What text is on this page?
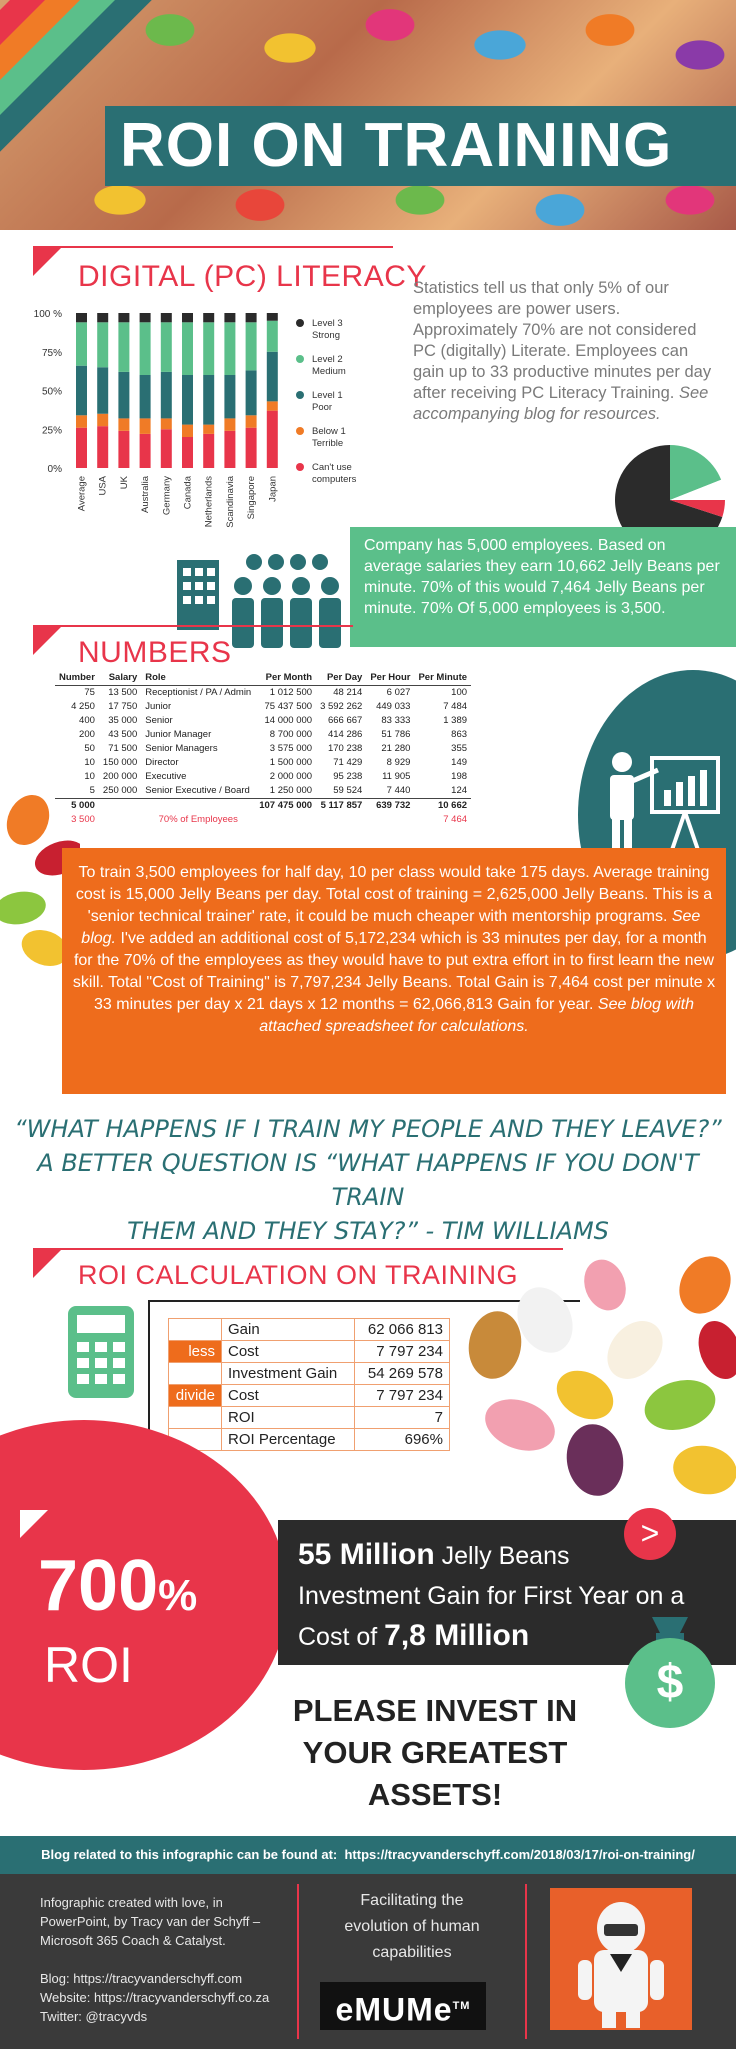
ROI ON TRAINING
DIGITAL (PC) LITERACY
0%
25%
50%
75%
100 %
Average USA UK Australia Germany Canada Netherlands Scandinavia Singapore Japan
Level 3 Strong
Level 2 Medium
Level 1 Poor
Below 1 Terrible
Can't use computers
Statistics tell us that only 5% of our employees are power users. Approximately 70% are not considered PC (digitally) Literate. Employees can gain up to 33 productive minutes per day after receiving PC Literacy Training. See accompanying blog for resources.
Company has 5,000 employees. Based on average salaries they earn 10,662 Jelly Beans per minute. 70% of this would 7,464 Jelly Beans per minute. 70% Of 5,000 employees is 3,500.
NUMBERS
Number	Salary	Role	Per Month	Per Day	Per Hour	Per Minute
75	13 500	Receptionist / PA / Admin	1 012 500	48 214	6 027	100
4 250	17 750	Junior	75 437 500	3 592 262	449 033	7 484
400	35 000	Senior	14 000 000	666 667	83 333	1 389
200	43 500	Junior Manager	8 700 000	414 286	51 786	863
50	71 500	Senior Managers	3 575 000	170 238	21 280	355
10	150 000	Director	1 500 000	71 429	8 929	149
10	200 000	Executive	2 000 000	95 238	11 905	198
5	250 000	Senior Executive / Board	1 250 000	59 524	7 440	124
5 000			107 475 000	5 117 857	639 732	10 662
3 500		70% of Employees				7 464
To train 3,500 employees for half day, 10 per class would take 175 days. Average training cost is 15,000 Jelly Beans per day. Total cost of training = 2,625,000 Jelly Beans. This is a 'senior technical trainer' rate, it could be much cheaper with mentorship programs. See blog. I've added an additional cost of 5,172,234 which is 33 minutes per day, for a month for the 70% of the employees as they would have to put extra effort in to first learn the new skill. Total "Cost of Training" is 7,797,234 Jelly Beans. Total Gain is 7,464 cost per minute x 33 minutes per day x 21 days x 12 months = 62,066,813 Gain for year. See blog with attached spreadsheet for calculations.
“WHAT HAPPENS IF I TRAIN MY PEOPLE AND THEY LEAVE?”
A BETTER QUESTION IS “WHAT HAPPENS IF YOU DON'T TRAIN
THEM AND THEY STAY?” - TIM WILLIAMS
ROI CALCULATION ON TRAINING
	Gain	62 066 813
less	Cost	7 797 234
	Investment Gain	54 269 578
divide	Cost	7 797 234
	ROI	7
	ROI Percentage	696%
700%
ROI
55 Million Jelly Beans
Investment Gain for First Year on a
Cost of 7,8 Million
>
$
PLEASE INVEST IN
YOUR GREATEST
ASSETS!
Blog related to this infographic can be found at: https://tracyvanderschyff.com/2018/03/17/roi-on-training/
Infographic created with love, in
PowerPoint, by Tracy van der Schyff –
Microsoft 365 Coach & Catalyst.
Blog: https://tracyvanderschyff.com
Website: https://tracyvanderschyff.co.za
Twitter: @tracyvds
Facilitating the
evolution of human
capabilities
eMUMe™
